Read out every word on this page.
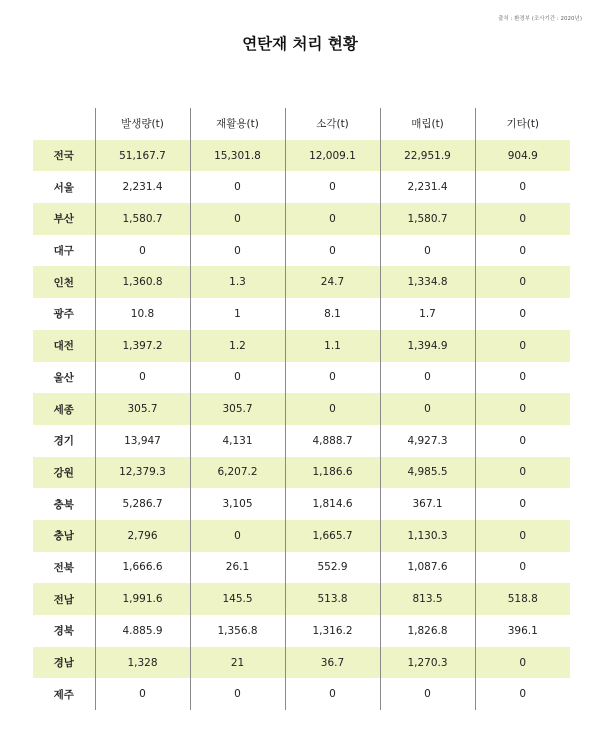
출처 : 환경부 (조사기간 : 2020년)
연탄재 처리 현황
	발생량(t)	재활용(t)	소각(t)	매립(t)	기타(t)
전국	51,167.7	15,301.8	12,009.1	22,951.9	904.9
서울	2,231.4	0	0	2,231.4	0
부산	1,580.7	0	0	1,580.7	0
대구	0	0	0	0	0
인천	1,360.8	1.3	24.7	1,334.8	0
광주	10.8	1	8.1	1.7	0
대전	1,397.2	1.2	1.1	1,394.9	0
울산	0	0	0	0	0
세종	305.7	305.7	0	0	0
경기	13,947	4,131	4,888.7	4,927.3	0
강원	12,379.3	6,207.2	1,186.6	4,985.5	0
충북	5,286.7	3,105	1,814.6	367.1	0
충남	2,796	0	1,665.7	1,130.3	0
전북	1,666.6	26.1	552.9	1,087.6	0
전남	1,991.6	145.5	513.8	813.5	518.8
경북	4.885.9	1,356.8	1,316.2	1,826.8	396.1
경남	1,328	21	36.7	1,270.3	0
제주	0	0	0	0	0
